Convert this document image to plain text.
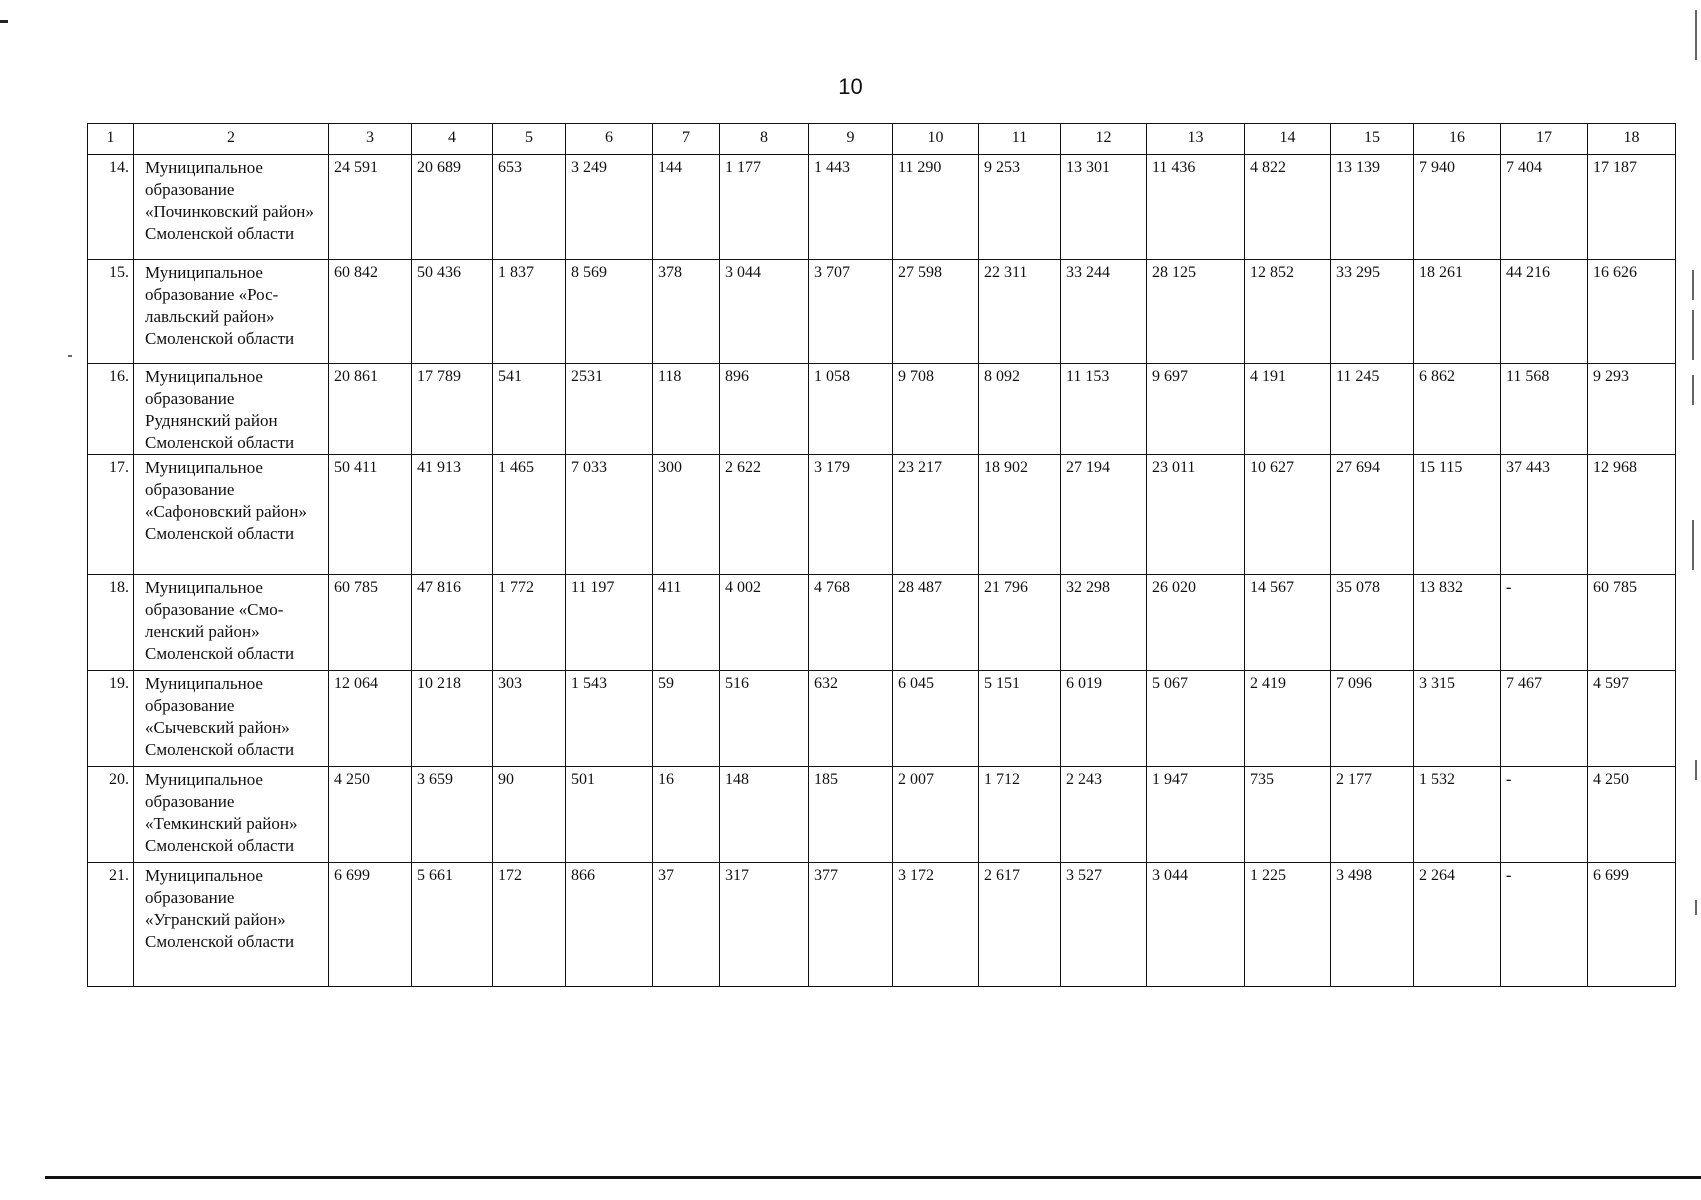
10
1	2	3	4	5	6	7	8	9	10	11	12	13	14	15	16	17	18
14.	Муниципальное образование «Починковский район» Смоленской области	24 591	20 689	653	3 249	144	1 177	1 443	11 290	9 253	13 301	11 436	4 822	13 139	7 940	7 404	17 187
15.	Муниципальное образование «Рос-лавльский район» Смоленской области	60 842	50 436	1 837	8 569	378	3 044	3 707	27 598	22 311	33 244	28 125	12 852	33 295	18 261	44 216	16 626
16.	Муниципальное образование Руднянский район Смоленской области	20 861	17 789	541	2531	118	896	1 058	9 708	8 092	11 153	9 697	4 191	11 245	6 862	11 568	9 293
17.	Муниципальное образование «Сафоновский район» Смоленской области	50 411	41 913	1 465	7 033	300	2 622	3 179	23 217	18 902	27 194	23 011	10 627	27 694	15 115	37 443	12 968
18.	Муниципальное образование «Смо-ленский район» Смоленской области	60 785	47 816	1 772	11 197	411	4 002	4 768	28 487	21 796	32 298	26 020	14 567	35 078	13 832	-	60 785
19.	Муниципальное образование «Сычевский район» Смоленской области	12 064	10 218	303	1 543	59	516	632	6 045	5 151	6 019	5 067	2 419	7 096	3 315	7 467	4 597
20.	Муниципальное образование «Темкинский район» Смоленской области	4 250	3 659	90	501	16	148	185	2 007	1 712	2 243	1 947	735	2 177	1 532	-	4 250
21.	Муниципальное образование «Угранский район» Смоленской области	6 699	5 661	172	866	37	317	377	3 172	2 617	3 527	3 044	1 225	3 498	2 264	-	6 699
